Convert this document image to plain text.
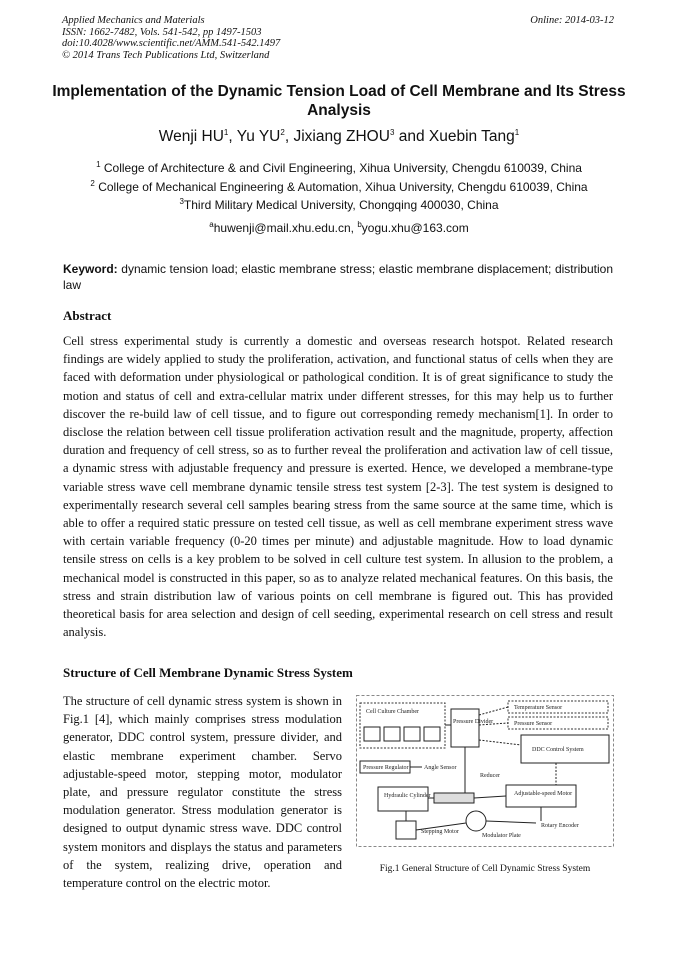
Applied Mechanics and Materials
ISSN: 1662-7482, Vols. 541-542, pp 1497-1503
doi:10.4028/www.scientific.net/AMM.541-542.1497
© 2014 Trans Tech Publications Ltd, Switzerland
Online: 2014-03-12
Implementation of the Dynamic Tension Load of Cell Membrane and Its Stress Analysis
Wenji $HU^1$, Yu $YU^2$, Jixiang ZHOU$^3$ and Xuebin Tang$^1$
$^1$ College of Architecture & and Civil Engineering, Xihua University, Chengdu 610039, China
$^2$ College of Mechanical Engineering & Automation, Xihua University, Chengdu 610039, China
$^3$Third Military Medical University, Chongqing 400030, China
$^a$huwenji@mail.xhu.edu.cn, $^b$yogu.xhu@163.com
Keyword: dynamic tension load; elastic membrane stress; elastic membrane displacement; distribution law
Abstract
Cell stress experimental study is currently a domestic and overseas research hotspot. Related research findings are widely applied to study the proliferation, activation, and functional status of cells when they are faced with deformation under physiological or pathological condition. It is of great significance to study the motion and status of cell and extra-cellular matrix under different stresses, for this may help us to further discover the re-build law of cell tissue, and to figure out corresponding remedy mechanism[1]. In order to disclose the relation between cell tissue proliferation activation result and the magnitude, property, affection duration and frequency of cell stress, so as to further reveal the proliferation and activation law of cell tissue, a dynamic stress with adjustable frequency and pressure is exerted. Hence, we developed a membrane-type variable stress wave cell membrane dynamic tensile stress test system [2-3]. The test system is designed to experimentally research several cell samples bearing stress from the same source at the same time, which is able to offer a required static pressure on tested cell tissue, as well as cell membrane experiment stress wave with certain variable frequency (0-20 times per minute) and adjustable magnitude. How to load dynamic tensile stress on cells is a key problem to be solved in cell culture test system. In allusion to the problem, a mechanical model is constructed in this paper, so as to analyze related mechanical features. On this basis, the stress and strain distribution law of various points on cell membrane is figured out. This has provided theoretical basis for area selection and design of cell seeding, experimental research on cell stress and result analysis.
Structure of Cell Membrane Dynamic Stress System
The structure of cell dynamic stress system is shown in Fig.1 [4], which mainly comprises stress modulation generator, DDC control system, pressure divider, and elastic membrane experiment chamber. Servo adjustable-speed motor, stepping motor, modulator plate, and pressure regulator constitute the stress modulation generator. Stress modulation generator is designed to output dynamic stress wave. DDC control system monitors and displays the status and parameters of the system, realizing drive, operation and temperature control on the electric motor.
Cell Culture Chamber
Pressure Divider
Temperature Sensor
Pressure Sensor
DDC Control System
Pressure Regulator	Angle Sensor
Reducer
Hydraulic Cylinder	Adjustable-speed Motor
Stepping Motor
Modulator Plate
Rotary Encoder
Fig.1 General Structure of Cell Dynamic Stress System
